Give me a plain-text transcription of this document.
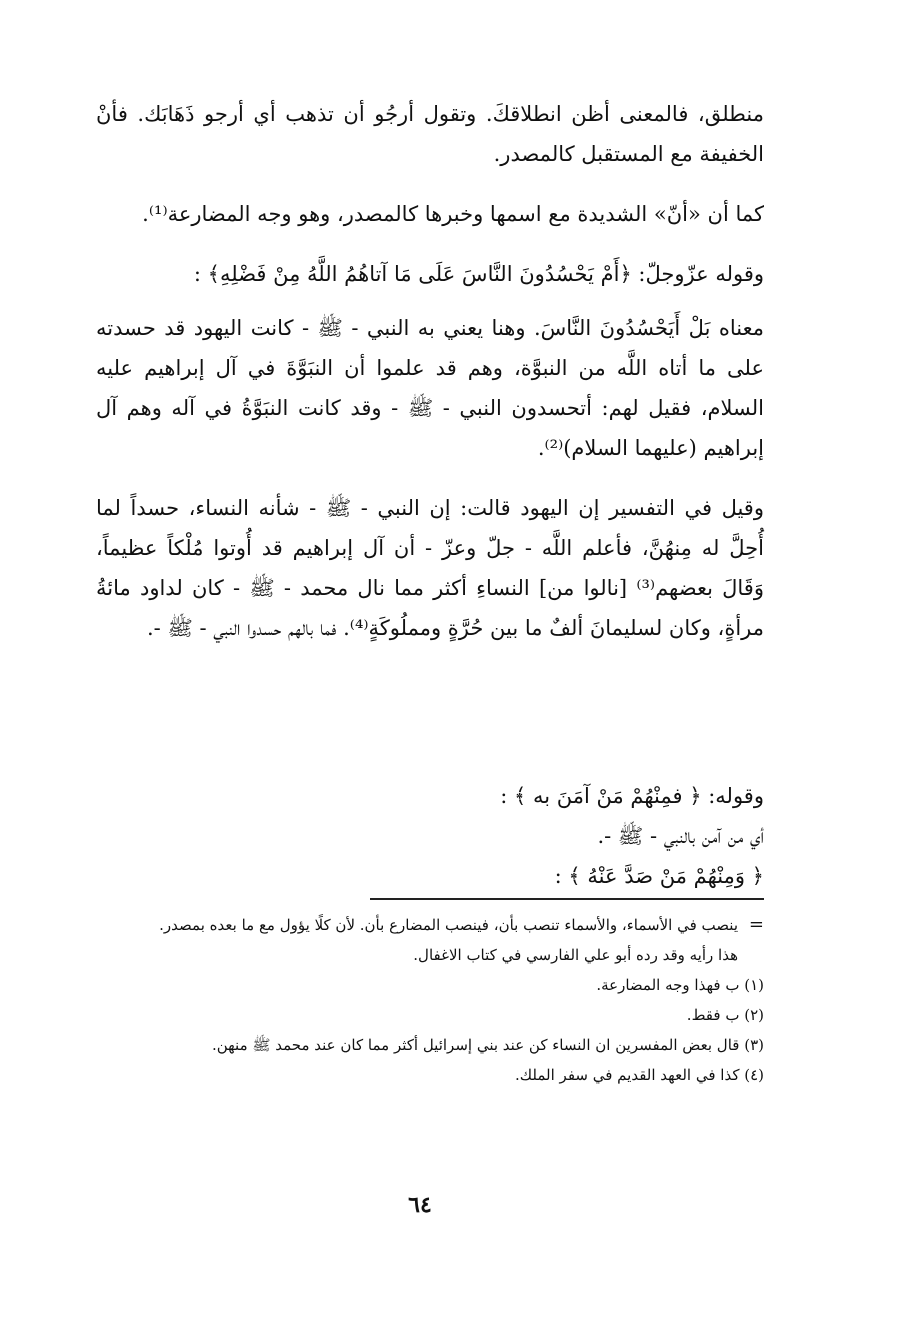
منطلق، فالمعنى أظن انطلاقكَ. وتقول أرجُو أن تذهب أي أرجو ذَهَابَك. فأنْ الخفيفة مع المستقبل كالمصدر.

كما أن «أنّ» الشديدة مع اسمها وخبرها كالمصدر، وهو وجه المضارعة⁽¹⁾.

وقوله عزّوجلّ: ﴿أَمْ يَحْسُدُونَ النَّاسَ عَلَى مَا آتاهُمُ اللَّهُ مِنْ فَضْلِهِ﴾ :

معناه بَلْ أَيَحْسُدُونَ النَّاسَ. وهنا يعني به النبي - ﷺ - كانت اليهود قد حسدته على ما أتاه اللَّه من النبوَّة، وهم قد علموا أن النبَوَّةَ في آل إبراهيم عليه السلام، فقيل لهم: أتحسدون النبي - ﷺ - وقد كانت النبَوَّةُ في آله وهم آل إبراهيم (عليهما السلام)⁽²⁾.

وقيل في التفسير إن اليهود قالت: إن النبي - ﷺ - شأنه النساء، حسداً لما أُحِلَّ له مِنهُنَّ، فأعلم اللَّه - جلّ وعزّ - أن آل إبراهيم قد أُوتوا مُلْكاً عظيماً، وَقَالَ بعضهم⁽³⁾ [نالوا من] النساءِ أكثر مما نال محمد - ﷺ - كان لداود مائةُ مرأةٍ، وكان لسليمانَ ألفٌ ما بين حُرَّةٍ ومملُوكَةٍ⁽⁴⁾. فما بالهم حسدوا النبي - ﷺ -.

وقوله: ﴿ فمِنْهُمْ مَنْ آمَنَ به ﴾ :

أي من آمن بالنبي - ﷺ -.

﴿ وَمِنْهُمْ مَنْ صَدَّ عَنْهُ ﴾ :

=
ينصب في الأسماء، والأسماء تنصب بأن، فينصب المضارع بأن. لأن كلًا يؤول مع ما بعده بمصدر.

هذا رأيه وقد رده أبو علي الفارسي في كتاب الاغفال.

(١) ب فهذا وجه المضارعة.

(٢) ب فقط.

(٣) قال بعض المفسرين ان النساء كن عند بني إسرائيل أكثر مما كان عند محمد ﷺ منهن.

(٤) كذا في العهد القديم في سفر الملك.

٦٤
